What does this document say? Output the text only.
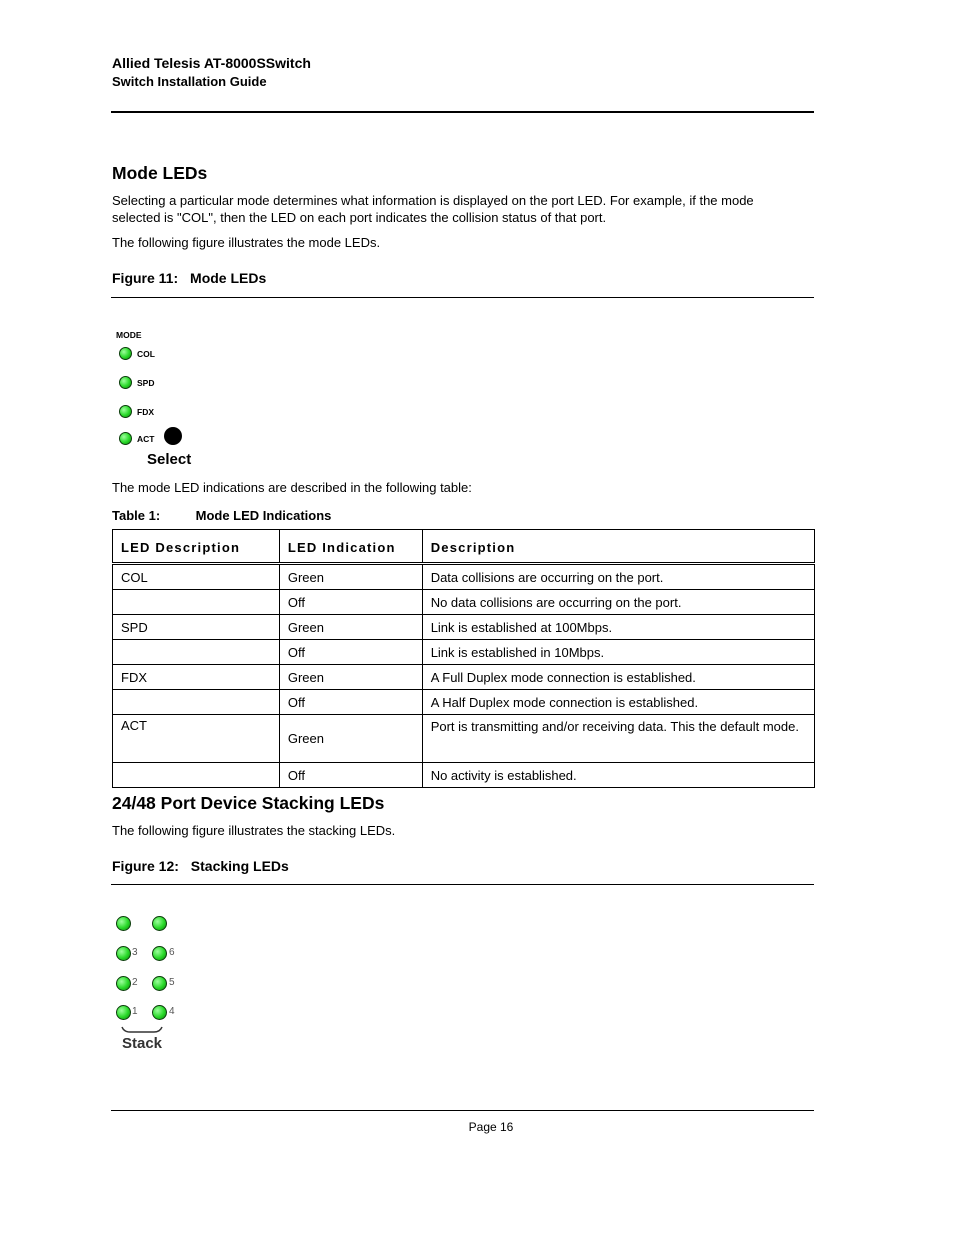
Allied Telesis AT-8000SSwitch
Switch Installation Guide
Mode LEDs
Selecting a particular mode determines what information is displayed on the port LED. For example, if the mode
selected is "COL", then the LED on each port indicates the collision status of that port.
The following figure illustrates the mode LEDs.
Figure 11: Mode LEDs
MODE
COL
SPD
FDX
ACT
Select
The mode LED indications are described in the following table:
Table 1:	Mode LED Indications
LED Description	LED Indication	Description
COL	Green	Data collisions are occurring on the port.
	Off	No data collisions are occurring on the port.
SPD	Green	Link is established at 100Mbps.
	Off	Link is established in 10Mbps.
FDX	Green	A Full Duplex mode connection is established.
	Off	A Half Duplex mode connection is established.
ACT	Green	Port is transmitting and/or receiving data. This the default mode.
	Off	No activity is established.
24/48 Port Device Stacking LEDs
The following figure illustrates the stacking LEDs.
Figure 12: Stacking LEDs
3	6
2	5
1	4
Stack
Page 16
